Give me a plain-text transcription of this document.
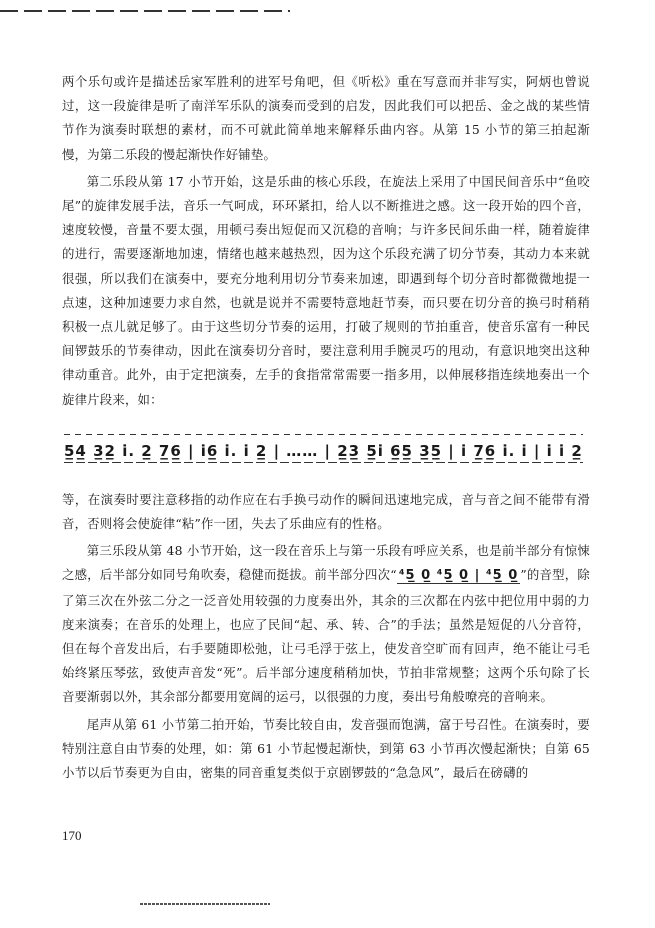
两个乐句或许是描述岳家军胜利的进军号角吧，但《听松》重在写意而并非写实，阿炳也曾说过，这一段旋律是听了南洋军乐队的演奏而受到的启发，因此我们可以把岳、金之战的某些情节作为演奏时联想的素材，而不可就此简单地来解释乐曲内容。从第 15 小节的第三拍起渐慢，为第二乐段的慢起渐快作好铺垫。

第二乐段从第 17 小节开始，这是乐曲的核心乐段，在旋法上采用了中国民间音乐中“鱼咬尾”的旋律发展手法，音乐一气呵成，环环紧扣，给人以不断推进之感。这一段开始的四个音，速度较慢，音量不要太强，用顿弓奏出短促而又沉稳的音响；与许多民间乐曲一样，随着旋律的进行，需要逐渐地加速，情绪也越来越热烈，因为这个乐段充满了切分节奏，其动力本来就很强，所以我们在演奏中，要充分地利用切分节奏来加速，即遇到每个切分音时都微微地提一点速，这种加速要力求自然，也就是说并不需要特意地赶节奏，而只要在切分音的换弓时稍稍积极一点儿就足够了。由于这些切分节奏的运用，打破了规则的节拍重音，使音乐富有一种民间锣鼓乐的节奏律动，因此在演奏切分音时，要注意利用手腕灵巧的甩动，有意识地突出这种律动重音。此外，由于定把演奏，左手的食指常常需要一指多用，以伸展移指连续地奏出一个旋律片段来，如：

5̲4̲ 3̲2̲ i̇. 2̲ 7̲6̲ | i̇6̲ i̇. i̇ 2̲ | …… | 2̲3̲ 5̲i̇ 6̲5̲ 3̲5̲ | i̇ 7̲6̲ i̇. i̇ | i̇ i̇ 2̲

等，在演奏时要注意移指的动作应在右手换弓动作的瞬间迅速地完成，音与音之间不能带有滑音，否则将会使旋律“粘”作一团，失去了乐曲应有的性格。

第三乐段从第 48 小节开始，这一段在音乐上与第一乐段有呼应关系，也是前半部分有惊悚之感，后半部分如同号角吹奏，稳健而挺拔。前半部分四次“ ⁴5̲ 0̲ ⁴5̲ 0̲ | ⁴5̲ 0̲ ”的音型，除了第三次在外弦二分之一泛音处用较强的力度奏出外，其余的三次都在内弦中把位用中弱的力度来演奏；在音乐的处理上，也应了民间“起、承、转、合”的手法；虽然是短促的八分音符，但在每个音发出后，右手要随即松弛，让弓毛浮于弦上，使发音空旷而有回声，绝不能让弓毛始终紧压琴弦，致使声音发“死”。后半部分速度稍稍加快，节拍非常规整；这两个乐句除了长音要渐弱以外，其余部分都要用宽阔的运弓，以很强的力度，奏出号角般嘹亮的音响来。

尾声从第 61 小节第二拍开始，节奏比较自由，发音强而饱满，富于号召性。在演奏时，要特别注意自由节奏的处理，如：第 61 小节起慢起渐快，到第 63 小节再次慢起渐快；自第 65 小节以后节奏更为自由，密集的同音重复类似于京剧锣鼓的“急急风”，最后在磅礴的

170
